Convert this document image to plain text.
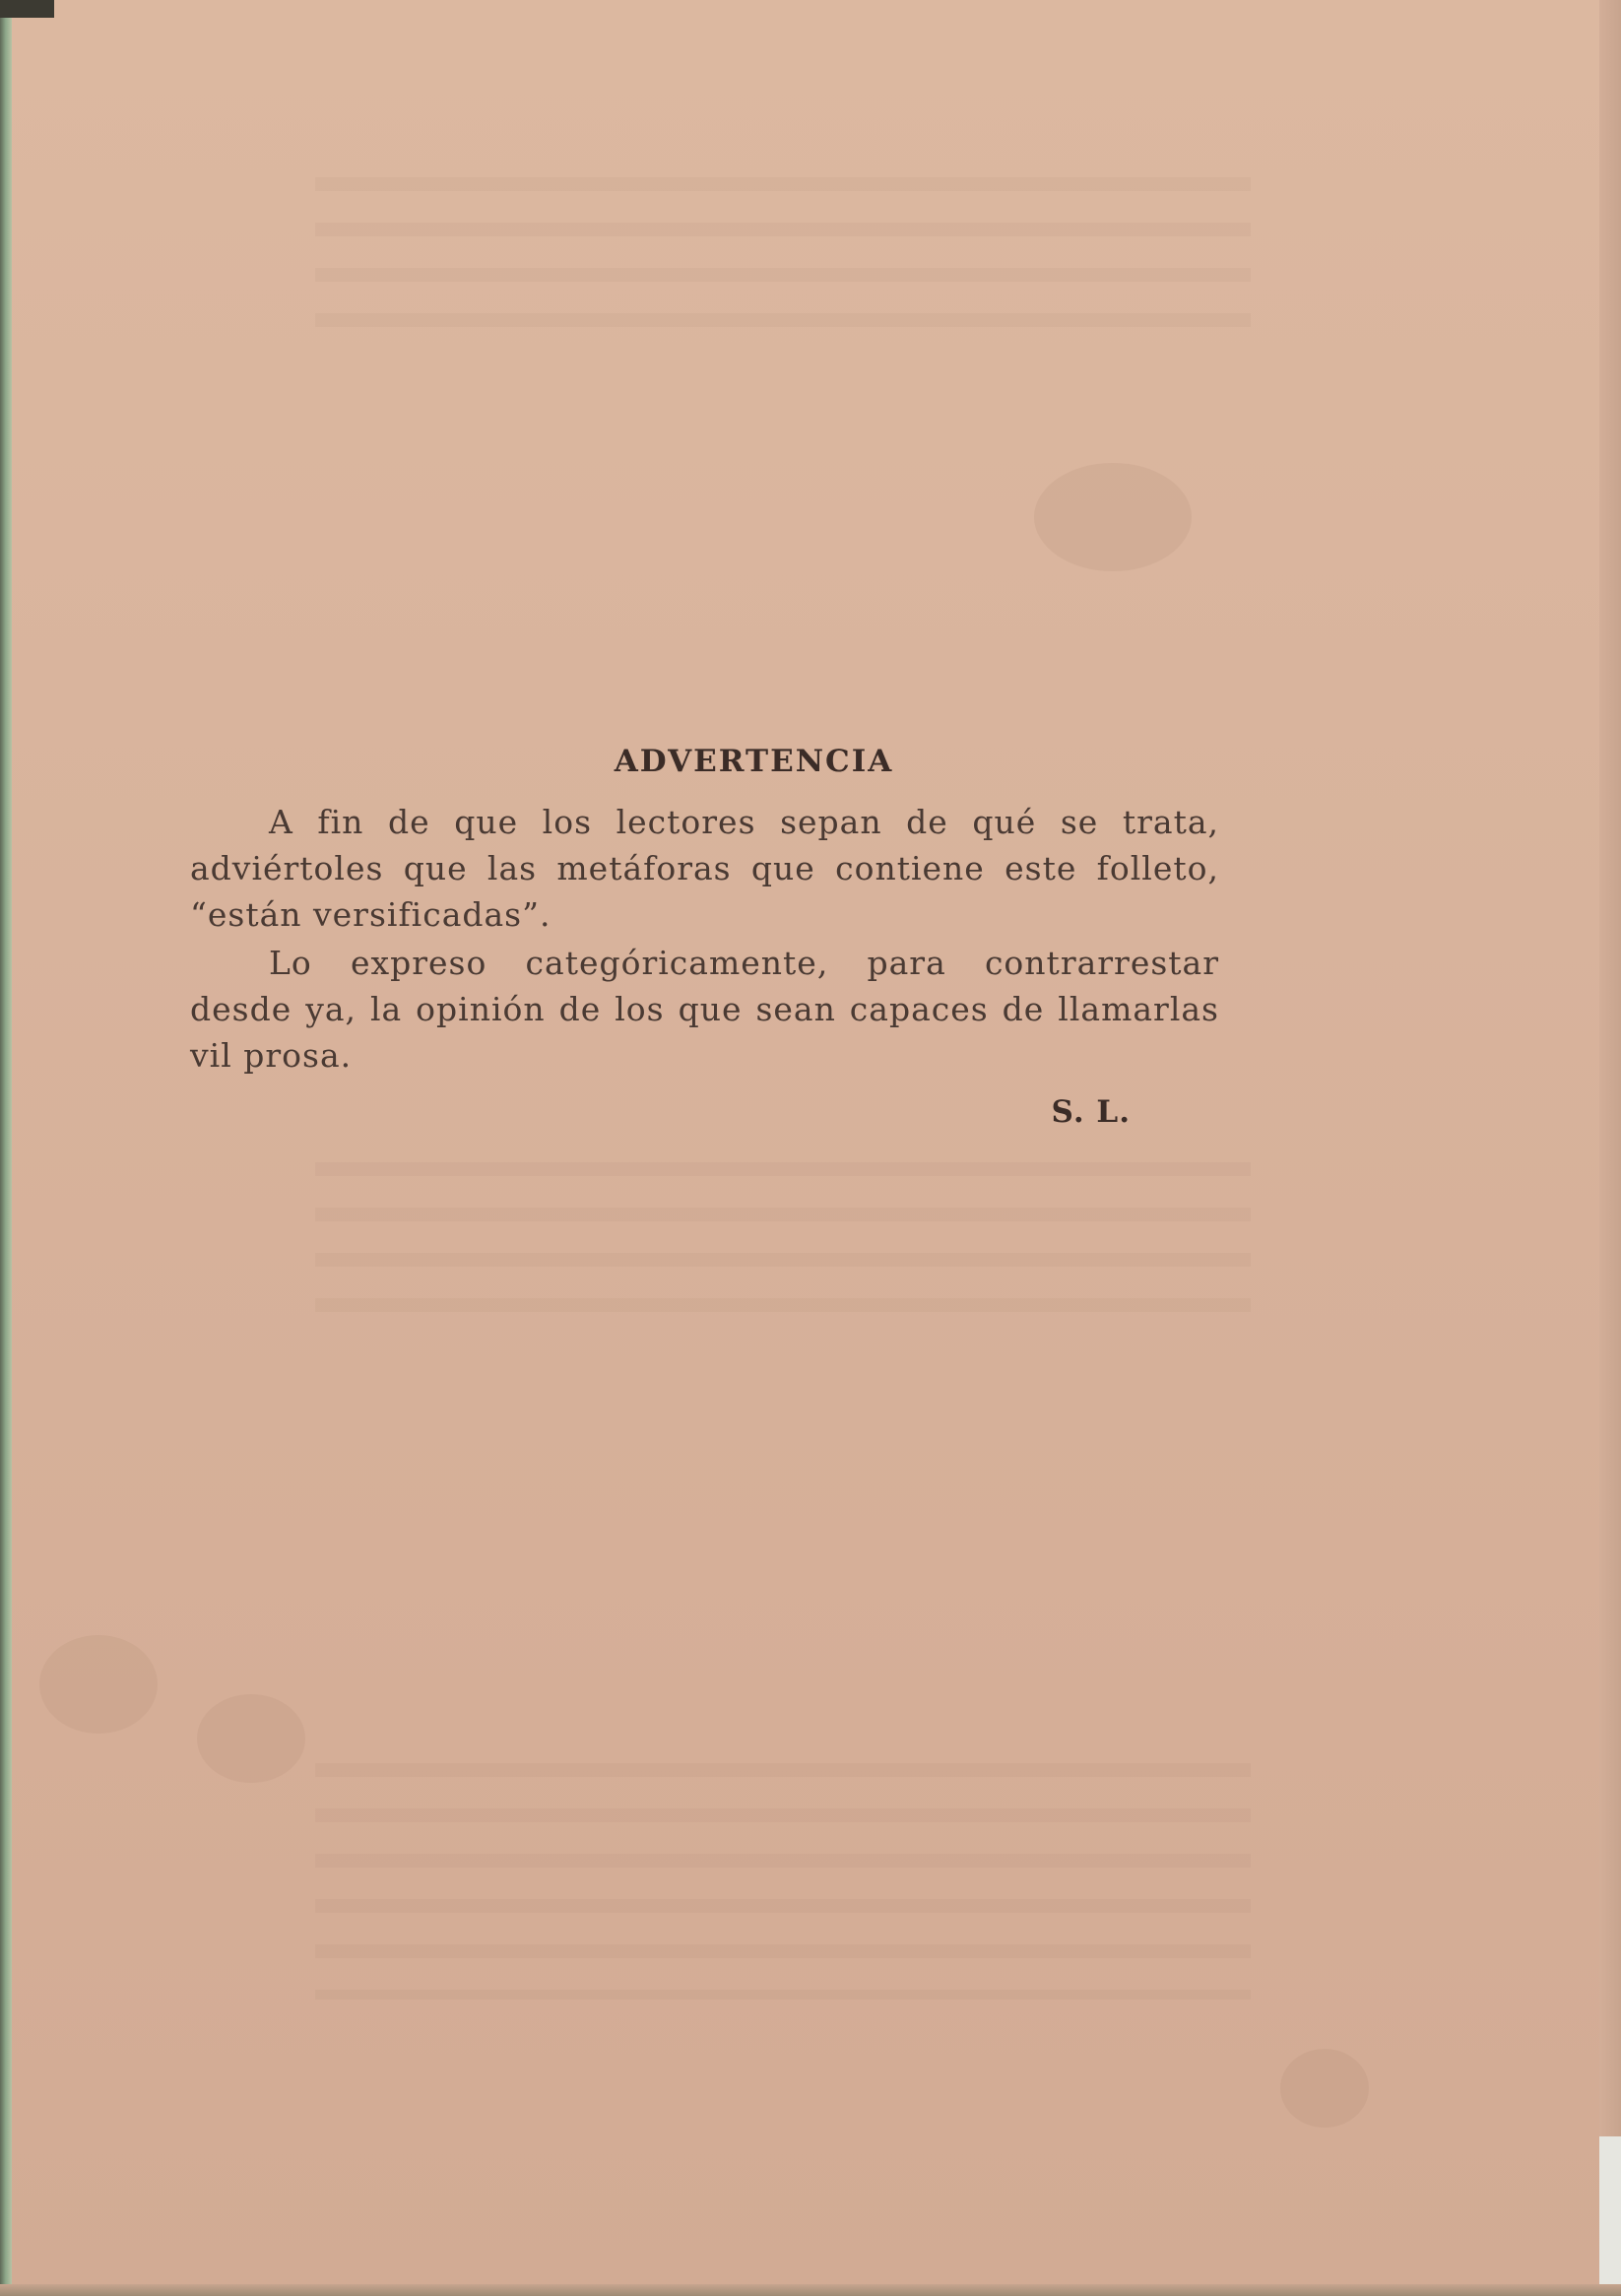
ADVERTENCIA

A fin de que los lectores sepan de qué se trata, adviértoles que las metáforas que contiene este folleto, “están versificadas”.

Lo expreso categóricamente, para contrarrestar desde ya, la opinión de los que sean capaces de llamarlas vil prosa.

S. L.
